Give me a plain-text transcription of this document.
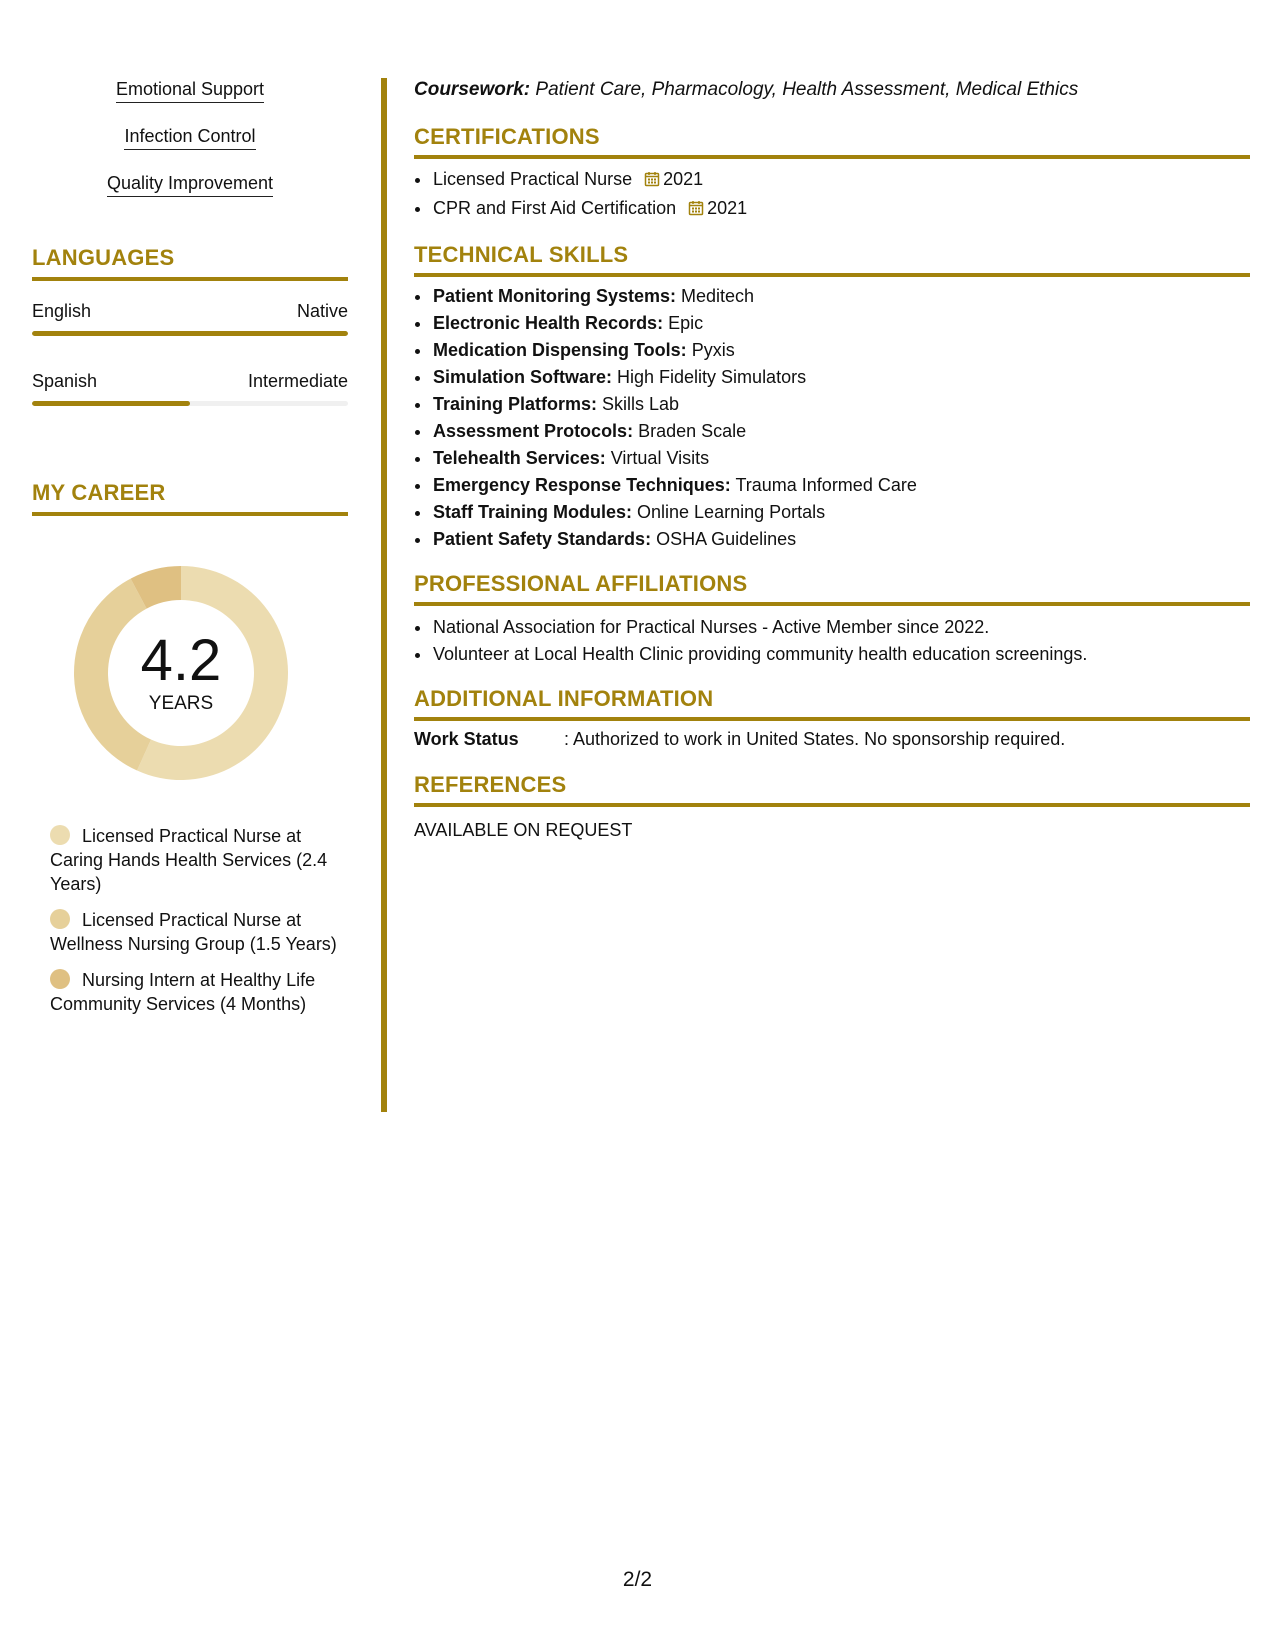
Emotional Support
Infection Control
Quality Improvement
LANGUAGES
English	Native
Spanish	Intermediate
MY CAREER
4.2
YEARS
Licensed Practical Nurse at Caring Hands Health Services (2.4 Years)
Licensed Practical Nurse at Wellness Nursing Group (1.5 Years)
Nursing Intern at Healthy Life Community Services (4 Months)
Coursework: Patient Care, Pharmacology, Health Assessment, Medical Ethics
CERTIFICATIONS
• Licensed Practical Nurse 2021
• CPR and First Aid Certification 2021
TECHNICAL SKILLS
• Patient Monitoring Systems: Meditech
• Electronic Health Records: Epic
• Medication Dispensing Tools: Pyxis
• Simulation Software: High Fidelity Simulators
• Training Platforms: Skills Lab
• Assessment Protocols: Braden Scale
• Telehealth Services: Virtual Visits
• Emergency Response Techniques: Trauma Informed Care
• Staff Training Modules: Online Learning Portals
• Patient Safety Standards: OSHA Guidelines
PROFESSIONAL AFFILIATIONS
• National Association for Practical Nurses - Active Member since 2022.
• Volunteer at Local Health Clinic providing community health education screenings.
ADDITIONAL INFORMATION
Work Status	: Authorized to work in United States. No sponsorship required.
REFERENCES
AVAILABLE ON REQUEST
2/2
